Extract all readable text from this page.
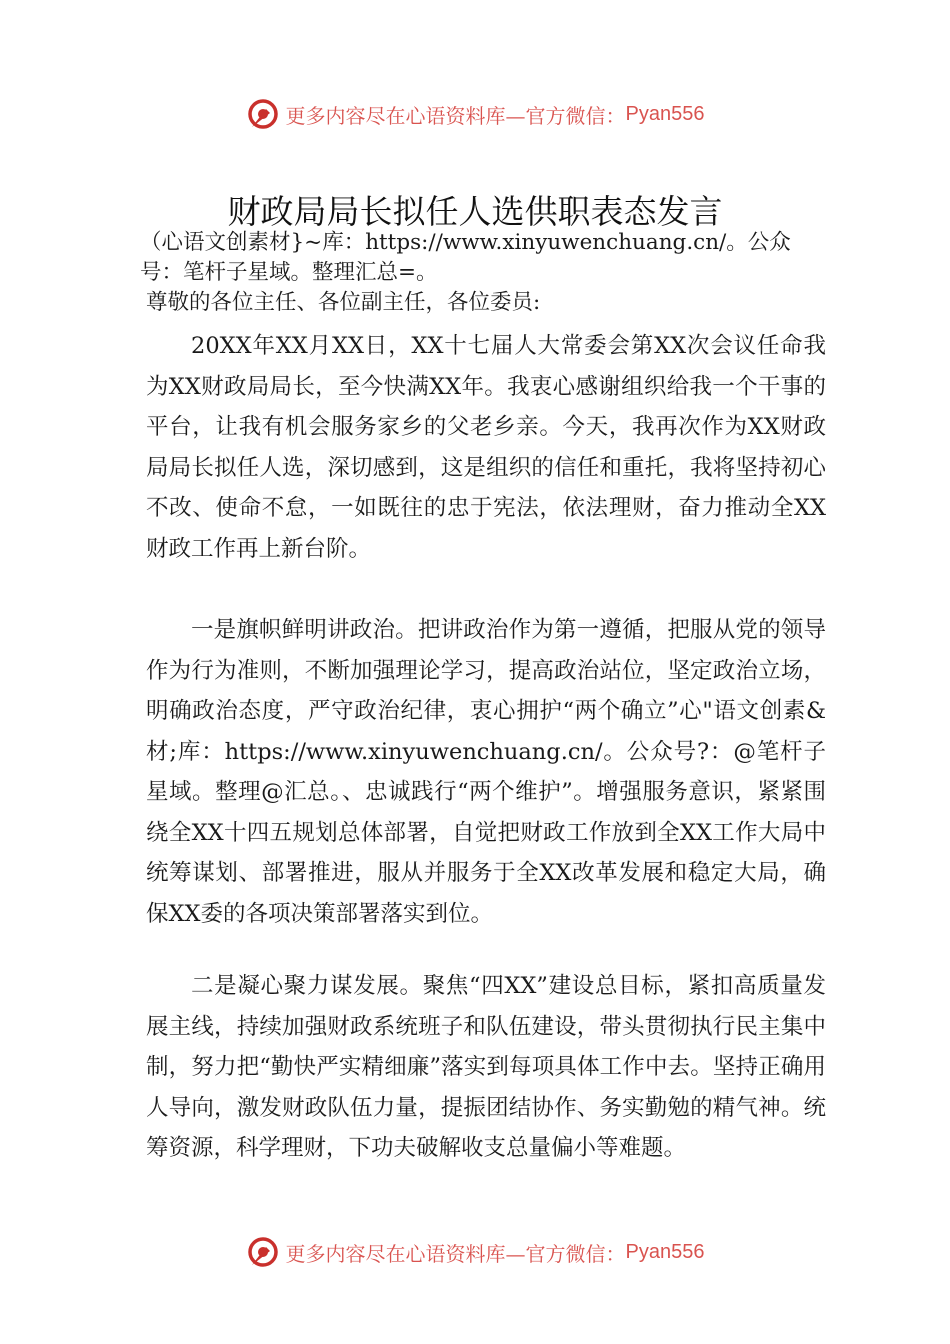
更多内容尽在心语资料库—官方微信： Pyan556
财政局局长拟任人选供职表态发言
（心语文创素材}~库：https://www.xinyuwenchuang.cn/。公众号：笔杆子星域。整理汇总=。
尊敬的各位主任、各位副主任，各位委员:
20XX年XX月XX日，XX十七届人大常委会第XX次会议任命我为XX财政局局长，至今快满XX年。我衷心感谢组织给我一个干事的平台，让我有机会服务家乡的父老乡亲。今天，我再次作为XX财政局局长拟任人选，深切感到，这是组织的信任和重托，我将坚持初心不改、使命不怠，一如既往的忠于宪法，依法理财，奋力推动全XX财政工作再上新台阶。
一是旗帜鲜明讲政治。把讲政治作为第一遵循，把服从党的领导作为行为准则，不断加强理论学习，提高政治站位，坚定政治立场，明确政治态度，严守政治纪律，衷心拥护“两个确立”心"语文创素&材;库：https://www.xinyuwenchuang.cn/。公众号?：@笔杆子星域。整理@汇总。、忠诚践行“两个维护”。增强服务意识，紧紧围绕全XX十四五规划总体部署，自觉把财政工作放到全XX工作大局中统筹谋划、部署推进，服从并服务于全XX改革发展和稳定大局，确保XX委的各项决策部署落实到位。
二是凝心聚力谋发展。聚焦“四XX”建设总目标，紧扣高质量发展主线，持续加强财政系统班子和队伍建设，带头贯彻执行民主集中制，努力把“勤快严实精细廉”落实到每项具体工作中去。坚持正确用人导向，激发财政队伍力量，提振团结协作、务实勤勉的精气神。统筹资源，科学理财，下功夫破解收支总量偏小等难题。
更多内容尽在心语资料库—官方微信： Pyan556
